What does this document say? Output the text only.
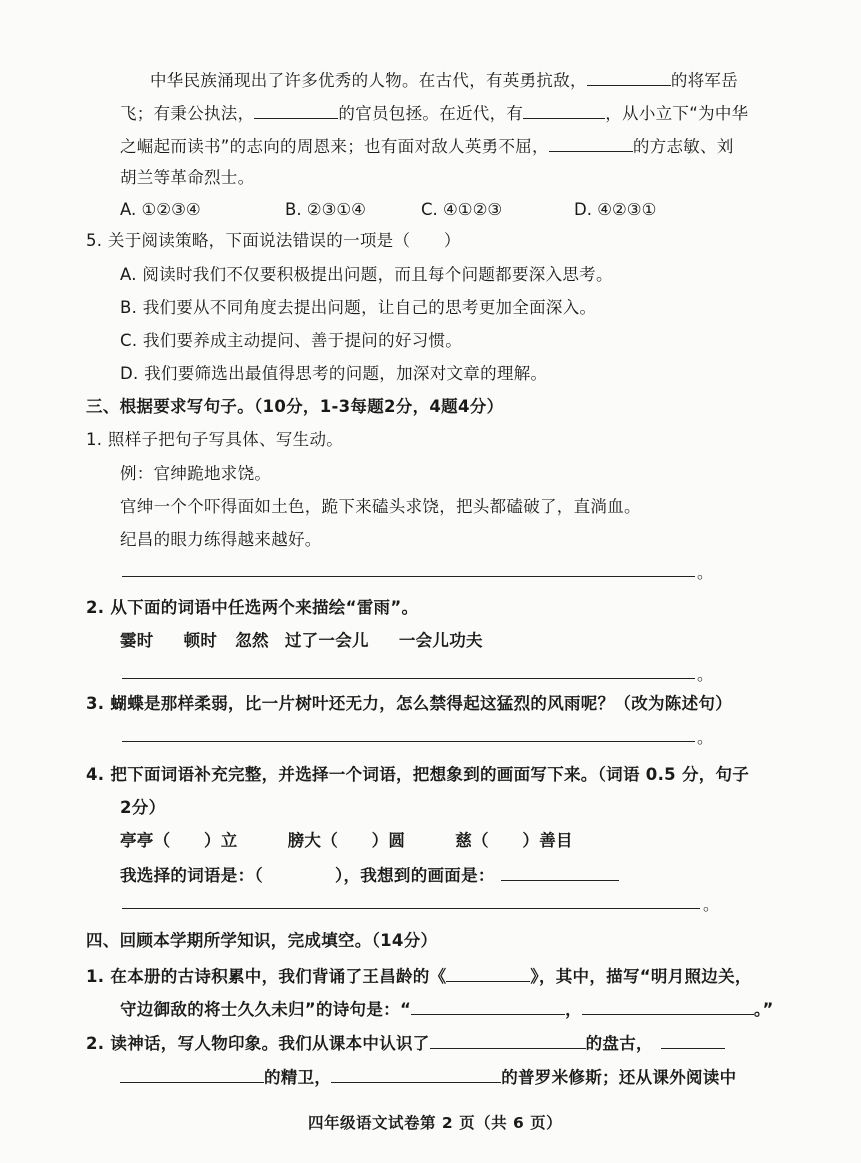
中华民族涌现出了许多优秀的人物。在古代，有英勇抗敌，	的将军岳
飞；有秉公执法，	的官员包拯。在近代，有	，从小立下“为中华
之崛起而读书”的志向的周恩来；也有面对敌人英勇不屈，	的方志敏、刘
胡兰等革命烈士。
A. ①②③④	B. ②③①④	C. ④①②③	D. ④②③①
5. 关于阅读策略，下面说法错误的一项是（　　）
A. 阅读时我们不仅要积极提出问题，而且每个问题都要深入思考。
B. 我们要从不同角度去提出问题，让自己的思考更加全面深入。
C. 我们要养成主动提问、善于提问的好习惯。
D. 我们要筛选出最值得思考的问题，加深对文章的理解。
三、根据要求写句子。（10分，1-3每题2分，4题4分）
1. 照样子把句子写具体、写生动。
例：官绅跪地求饶。
官绅一个个吓得面如土色，跪下来磕头求饶，把头都磕破了，直淌血。
纪昌的眼力练得越来越好。
。
2. 从下面的词语中任选两个来描绘“雷雨”。
霎时 顿时 忽然 过了一会儿 一会儿功夫
。
3. 蝴蝶是那样柔弱，比一片树叶还无力，怎么禁得起这猛烈的风雨呢？（改为陈述句）
。
4. 把下面词语补充完整，并选择一个词语，把想象到的画面写下来。（词语 0.5 分，句子
2分）
亭亭（　　）立	膀大（　　）圆	慈（　　）善目
我选择的词语是：（	），我想到的画面是：
。
四、回顾本学期所学知识，完成填空。（14分）
1. 在本册的古诗积累中，我们背诵了王昌龄的《	》，其中，描写“明月照边关，
守边御敌的将士久久未归”的诗句是：“	，	。”
2. 读神话，写人物印象。我们从课本中认识了	的盘古，
的精卫，	的普罗米修斯；还从课外阅读中
四年级语文试卷第 2 页（共 6 页）
